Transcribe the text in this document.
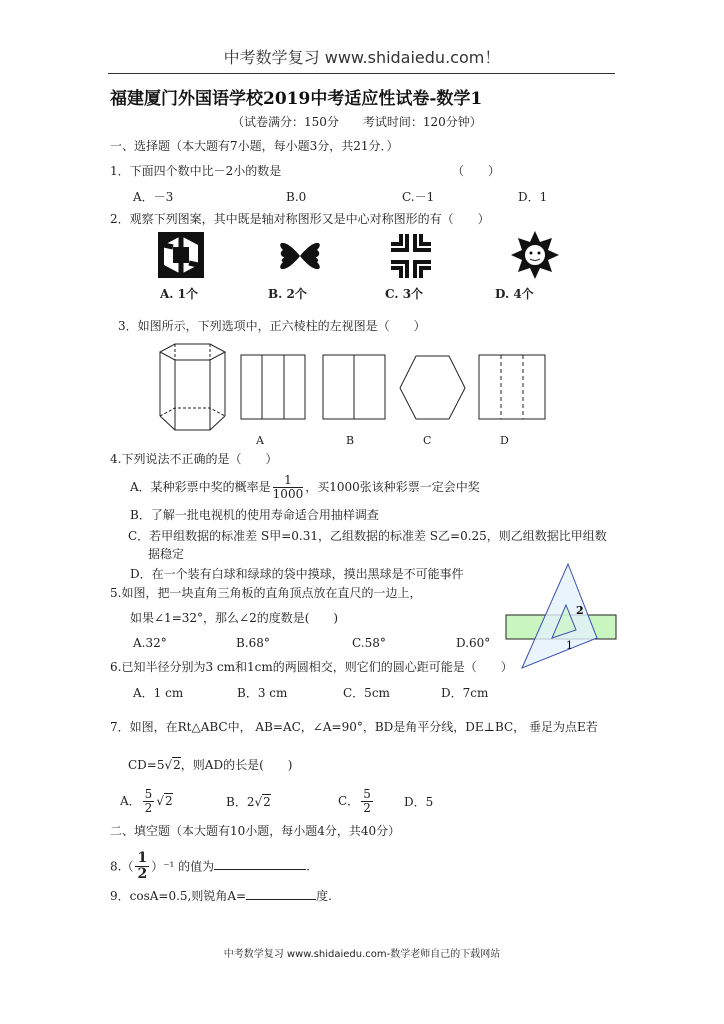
中考数学复习 www.shidaiedu.com！
福建厦门外国语学校2019中考适应性试卷-数学1
（试卷满分：150分　　考试时间：120分钟）
一、选择题（本大题有7小题，每小题3分，共21分．）
1．下面四个数中比－2小的数是	（　　）
A．－3	B.0	C.－1	D．1
2．观察下列图案，其中既是轴对称图形又是中心对称图形的有（　　）
A. 1个	B. 2个	C. 3个	D. 4个
3．如图所示，下列选项中，正六棱柱的左视图是（　　）
A	B	C	D
4.下列说法不正确的是（　　）
A．某种彩票中奖的概率是 $\frac{1}{1000}$ ，买1000张该种彩票一定会中奖
B．了解一批电视机的使用寿命适合用抽样调查
C．若甲组数据的标准差 S甲=0.31，乙组数据的标准差 S乙=0.25，则乙组数据比甲组数
据稳定
D．在一个装有白球和绿球的袋中摸球，摸出黑球是不可能事件
5.如图，把一块直角三角板的直角顶点放在直尺的一边上，
如果∠1=32°，那么∠2的度数是(　　)
A.32°	B.68°	C.58°	D.60°
2
1
6.已知半径分别为3 cm和1cm的两圆相交，则它们的圆心距可能是（　　）
A．1 cm	B．3 cm	C．5cm	D．7cm
7．如图，在Rt△ABC中， AB=AC，∠A=90°，BD是角平分线，DE⊥BC， 垂足为点E若
CD=5√2，则AD的长是(　　)
A． $\frac{5}{2} √2$	B．2√2	C． $\frac{5}{2}$	D．5
二、填空题（本大题有10小题，每小题4分，共40分）
$8.( \frac{1}{2} )^{-1}$ 的值为	.
9．cosA=0.5,则锐角A=	度.
中考数学复习 www.shidaiedu.com-数学老师自己的下载网站
